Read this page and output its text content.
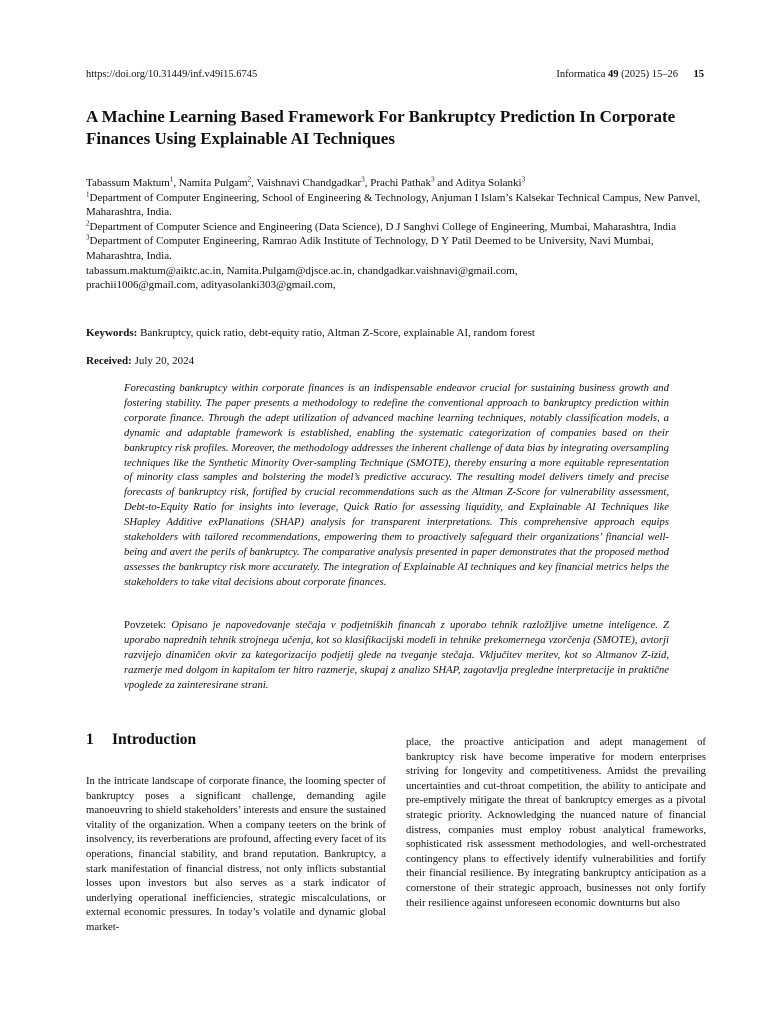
https://doi.org/10.31449/inf.v49i15.6745	Informatica 49 (2025) 15–26 15
A Machine Learning Based Framework For Bankruptcy Prediction In Corporate Finances Using Explainable AI Techniques

Tabassum Maktum$^1$, Namita Pulgam$^2$, Vaishnavi Chandgadkar$^3$, Prachi Pathak$^3$ and Aditya Solanki$^3$

$^1$Department of Computer Engineering, School of Engineering & Technology, Anjuman I Islam’s Kalsekar Technical Campus, New Panvel, Maharashtra, India.

$^2$Department of Computer Science and Engineering (Data Science), D J Sanghvi College of Engineering, Mumbai, Maharashtra, India

$^3$Department of Computer Engineering, Ramrao Adik Institute of Technology, D Y Patil Deemed to be University, Navi Mumbai, Maharashtra, India.

tabassum.maktum@aiktc.ac.in, Namita.Pulgam@djsce.ac.in, chandgadkar.vaishnavi@gmail.com,

prachii1006@gmail.com, adityasolanki303@gmail.com,

Keywords: Bankruptcy, quick ratio, debt-equity ratio, Altman Z-Score, explainable AI, random forest

Received: July 20, 2024

Forecasting bankruptcy within corporate finances is an indispensable endeavor crucial for sustaining business growth and fostering stability. The paper presents a methodology to redefine the conventional approach to bankruptcy prediction within corporate finance. Through the adept utilization of advanced machine learning techniques, notably classification models, a dynamic and adaptable framework is established, enabling the systematic categorization of companies based on their bankruptcy risk profiles. Moreover, the methodology addresses the inherent challenge of data bias by integrating oversampling techniques like the Synthetic Minority Over-sampling Technique (SMOTE), thereby ensuring a more equitable representation of minority class samples and bolstering the model’s predictive accuracy. The resulting model delivers timely and precise forecasts of bankruptcy risk, fortified by crucial recommendations such as the Altman Z-Score for vulnerability assessment, Debt-to-Equity Ratio for insights into leverage, Quick Ratio for assessing liquidity, and Explainable AI Techniques like SHapley Additive exPlanations (SHAP) analysis for transparent interpretations. This comprehensive approach equips stakeholders with tailored recommendations, empowering them to proactively safeguard their organizations’ financial well-being and avert the perils of bankruptcy. The comparative analysis presented in paper demonstrates that the proposed method assesses the bankruptcy risk more accurately. The integration of Explainable AI techniques and key financial metrics helps the stakeholders to take vital decisions about corporate finances.

Povzetek: Opisano je napovedovanje stečaja v podjetniških financah z uporabo tehnik razložljive umetne inteligence. Z uporabo naprednih tehnik strojnega učenja, kot so klasifikacijski modeli in tehnike prekomernega vzorčenja (SMOTE), avtorji razvijejo dinamičen okvir za kategorizacijo podjetij glede na tveganje stečaja. Vključitev meritev, kot so Altmanov Z-izid, razmerje med dolgom in kapitalom ter hitro razmerje, skupaj z analizo SHAP, zagotavlja pregledne interpretacije in praktične vpoglede za zainteresirane strani.

1 Introduction

In the intricate landscape of corporate finance, the looming specter of bankruptcy poses a significant challenge, demanding agile manoeuvring to shield stakeholders’ interests and ensure the sustained vitality of the organization. When a company teeters on the brink of insolvency, its reverberations are profound, affecting every facet of its operations, financial stability, and brand reputation. Bankruptcy, a stark manifestation of financial distress, not only inflicts substantial losses upon investors but also serves as a stark indicator of underlying operational inefficiencies, strategic miscalculations, or external economic pressures. In today’s volatile and dynamic global market-

place, the proactive anticipation and adept management of bankruptcy risk have become imperative for modern enterprises striving for longevity and competitiveness. Amidst the prevailing uncertainties and cut-throat competition, the ability to anticipate and pre-emptively mitigate the threat of bankruptcy emerges as a pivotal strategic priority. Acknowledging the nuanced nature of financial distress, companies must employ robust analytical frameworks, sophisticated risk assessment methodologies, and well-orchestrated contingency plans to effectively identify vulnerabilities and fortify their financial resilience. By integrating bankruptcy anticipation as a cornerstone of their strategic approach, businesses not only fortify their resilience against unforeseen economic downturns but also
